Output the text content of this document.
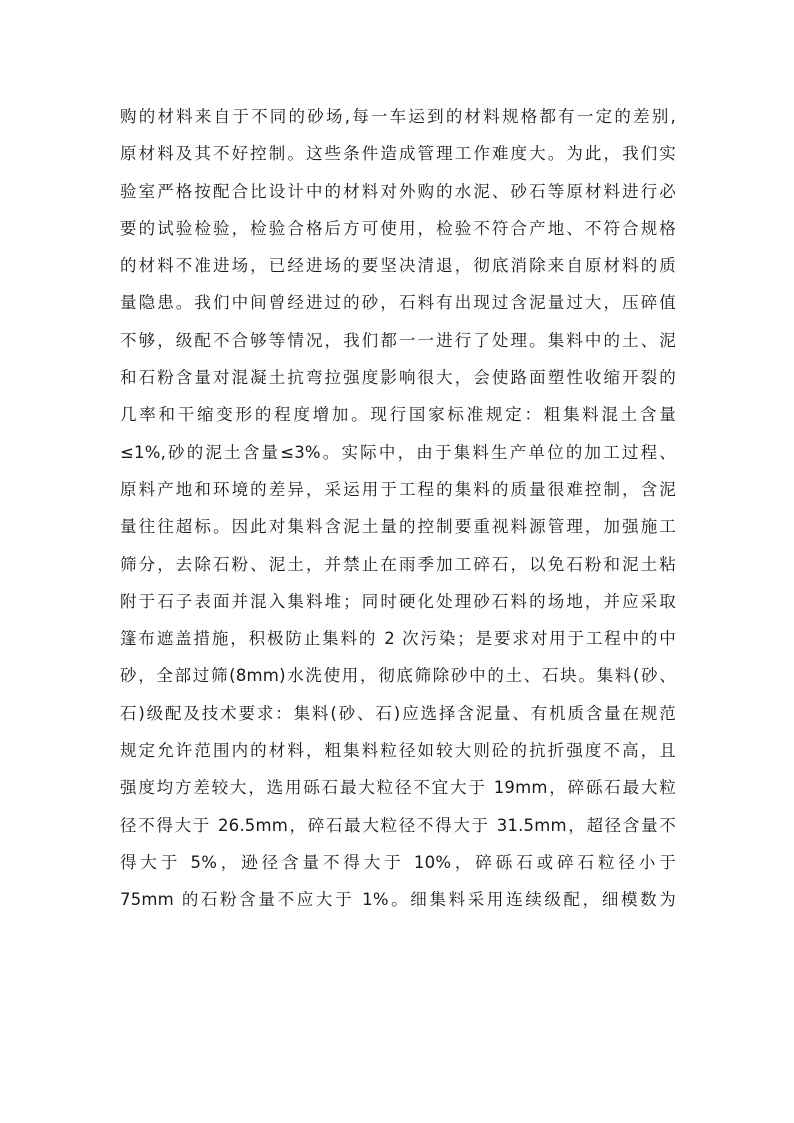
购的材料来自于不同的砂场,每一车运到的材料规格都有一定的差别,
原材料及其不好控制。这些条件造成管理工作难度大。为此，我们实
验室严格按配合比设计中的材料对外购的水泥、砂石等原材料进行必
要的试验检验，检验合格后方可使用，检验不符合产地、不符合规格
的材料不准进场，已经进场的要坚决清退，彻底消除来自原材料的质
量隐患。我们中间曾经进过的砂，石料有出现过含泥量过大，压碎值
不够，级配不合够等情况，我们都一一进行了处理。集料中的土、泥
和石粉含量对混凝土抗弯拉强度影响很大，会使路面塑性收缩开裂的
几率和干缩变形的程度增加。现行国家标准规定：粗集料混土含量
≤1%,砂的泥土含量≤3%。实际中，由于集料生产单位的加工过程、
原料产地和环境的差异，采运用于工程的集料的质量很难控制，含泥
量往往超标。因此对集料含泥土量的控制要重视料源管理，加强施工
筛分，去除石粉、泥土，并禁止在雨季加工碎石，以免石粉和泥土粘
附于石子表面并混入集料堆；同时硬化处理砂石料的场地，并应采取
篷布遮盖措施，积极防止集料的 2 次污染；是要求对用于工程中的中
砂，全部过筛(8mm)水洗使用，彻底筛除砂中的土、石块。集料(砂、
石)级配及技术要求：集料(砂、石)应选择含泥量、有机质含量在规范
规定允许范围内的材料，粗集料粒径如较大则砼的抗折强度不高，且
强度均方差较大，选用砾石最大粒径不宜大于 19mm，碎砾石最大粒
径不得大于 26.5mm，碎石最大粒径不得大于 31.5mm，超径含量不
得大于 5%，逊径含量不得大于 10%，碎砾石或碎石粒径小于
75mm 的石粉含量不应大于 1%。细集料采用连续级配，细模数为
